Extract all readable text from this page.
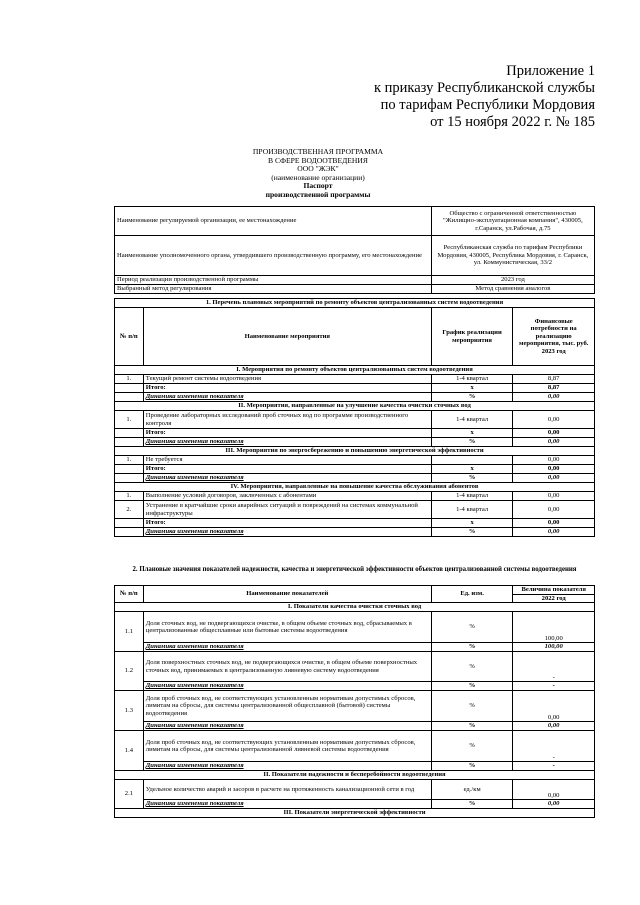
Приложение 1
к приказу Республиканской службы
по тарифам Республики Мордовия
от 15 ноября 2022 г. № 185
ПРОИЗВОДСТВЕННАЯ ПРОГРАММА
В СФЕРЕ ВОДООТВЕДЕНИЯ
ООО "ЖЭК"
(наименование организации)
Паспорт
производственной программы
Наименование регулируемой организации, ее местонахождение	Общество с ограниченной ответственностью "Жилищно-эксплуатационная компания", 430005, г.Саранск, ул.Рабочая, д.75
Наименование уполномоченного органа, утвердившего производственную программу, его местонахождение	Республиканская служба по тарифам Республики Мордовия, 430005, Республика Мордовия, г. Саранск, ул. Коммунистическая, 33/2
Период реализации производственной программы	2023 год
Выбранный метод регулирования	Метод сравнения аналогов
1. Перечень плановых мероприятий по ремонту объектов централизованных систем водоотведения			
№ п/п	Наименование мероприятия	График реализации мероприятия	Финансовые потребности на реализацию мероприятия, тыс. руб.
2023 год
I. Мероприятия по ремонту объектов централизованных систем водоотведения			
1.	Текущий ремонт системы водоотведения	1-4 квартал	8,87
	Итого:	х	8,87
	Динамика изменения показателя	%	0,00
II. Мероприятия, направленные на улучшение качества очистки сточных вод			
1.	Проведение лабораторных исследований проб сточных вод по программе производственного контроля	1-4 квартал	0,00
	Итого:	х	0,00
	Динамика изменения показателя	%	0,00
III. Мероприятия по энергосбережению и повышению энергетической эффективности			
1.	Не требуется		0,00
	Итого:	х	0,00
	Динамика изменения показателя	%	0,00
IV. Мероприятия, направленные на повышение качества обслуживания абонентов			
1.	Выполнение условий договоров, заключенных с абонентами	1-4 квартал	0,00
2.	Устранение в кратчайшие сроки аварийных ситуаций и повреждений на системах коммунальной инфраструктуры	1-4 квартал	0,00
	Итого:	х	0,00
	Динамика изменения показателя	%	0,00
2. Плановые значения показателей надежности, качества и энергетической эффективности объектов централизованной системы водоотведения
№ п/п	Наименование показателей	Ед. изм.	Величина показателя
			2022 год
I. Показатели качества очистки сточных вод			
1.1	Доля сточных вод, не подвергающихся очистке, в общем объеме сточных вод, сбрасываемых в централизованные общесплавные или бытовые системы водоотведения	%	100,00
	Динамика изменения показателя	%	100,00
1.2	Доля поверхностных сточных вод, не подвергающихся очистке, в общем объеме поверхностных сточных вод, принимаемых в централизованную ливневую систему водоотведения	%	-
	Динамика изменения показателя	%	-
1.3	Доля проб сточных вод, не соответствующих установленным нормативам допустимых сбросов, лимитам на сбросы, для системы централизованной общесплавной (бытовой) системы водоотведения	%	0,00
	Динамика изменения показателя	%	0,00
1.4	Доля проб сточных вод, не соответствующих установленным нормативам допустимых сбросов, лимитам на сбросы, для системы централизованной ливневой системы водоотведения	%	-
	Динамика изменения показателя	%	-
II. Показатели надежности и бесперебойности водоотведения			
2.1	Удельное количество аварий и засоров в расчете на протяженность канализационной сети в год	ед./км	0,00
	Динамика изменения показателя	%	0,00
III. Показатели энергетической эффективности			
